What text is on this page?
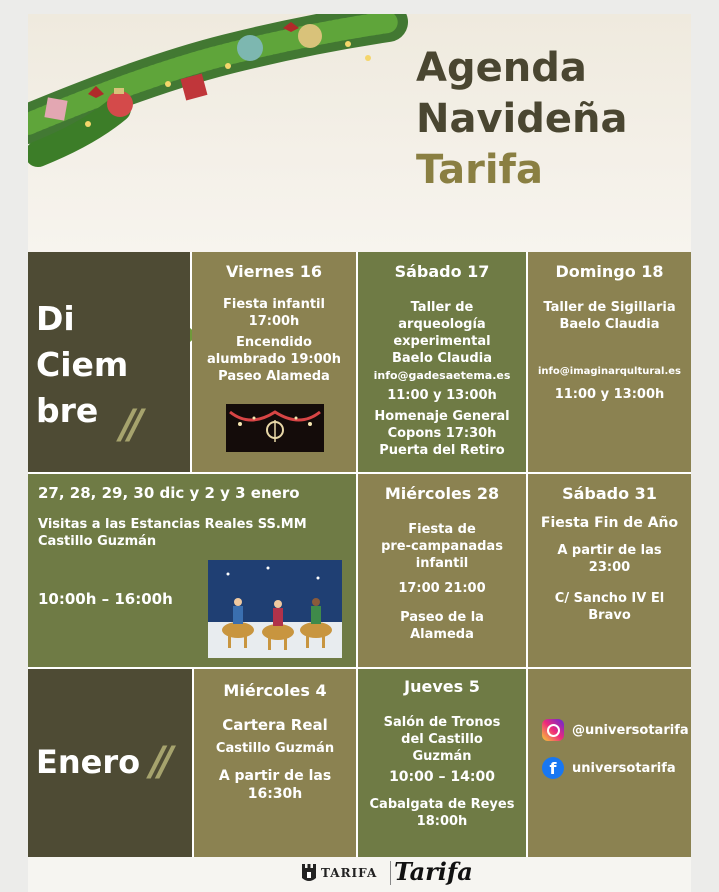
Agenda
Navideña
Tarifa
Di
Ciem
bre //
Viernes 16
Fiesta infantil
17:00h
Encendido
alumbrado 19:00h
Paseo Alameda
Sábado 17
Taller de
arqueología
experimental
Baelo Claudia
info@gadesaetema.es
11:00 y 13:00h
Homenaje General
Copons 17:30h
Puerta del Retiro
Domingo 18
Taller de Sigillaria
Baelo Claudia
info@imaginarqultural.es
11:00 y 13:00h
27, 28, 29, 30 dic y 2 y 3 enero
Visitas a las Estancias Reales SS.MM
Castillo Guzmán
10:00h – 16:00h
Miércoles 28
Fiesta de
pre-campanadas
infantil
17:00 21:00
Paseo de la
Alameda
Sábado 31
Fiesta Fin de Año
A partir de las
23:00
C/ Sancho IV El
Bravo
Enero //
Miércoles 4
Cartera Real
Castillo Guzmán
A partir de las
16:30h
Jueves 5
Salón de Tronos
del Castillo
Guzmán
10:00 – 14:00
Cabalgata de Reyes
18:00h
@universotarifa
f	universotarifa
TARIFA Tarifa
